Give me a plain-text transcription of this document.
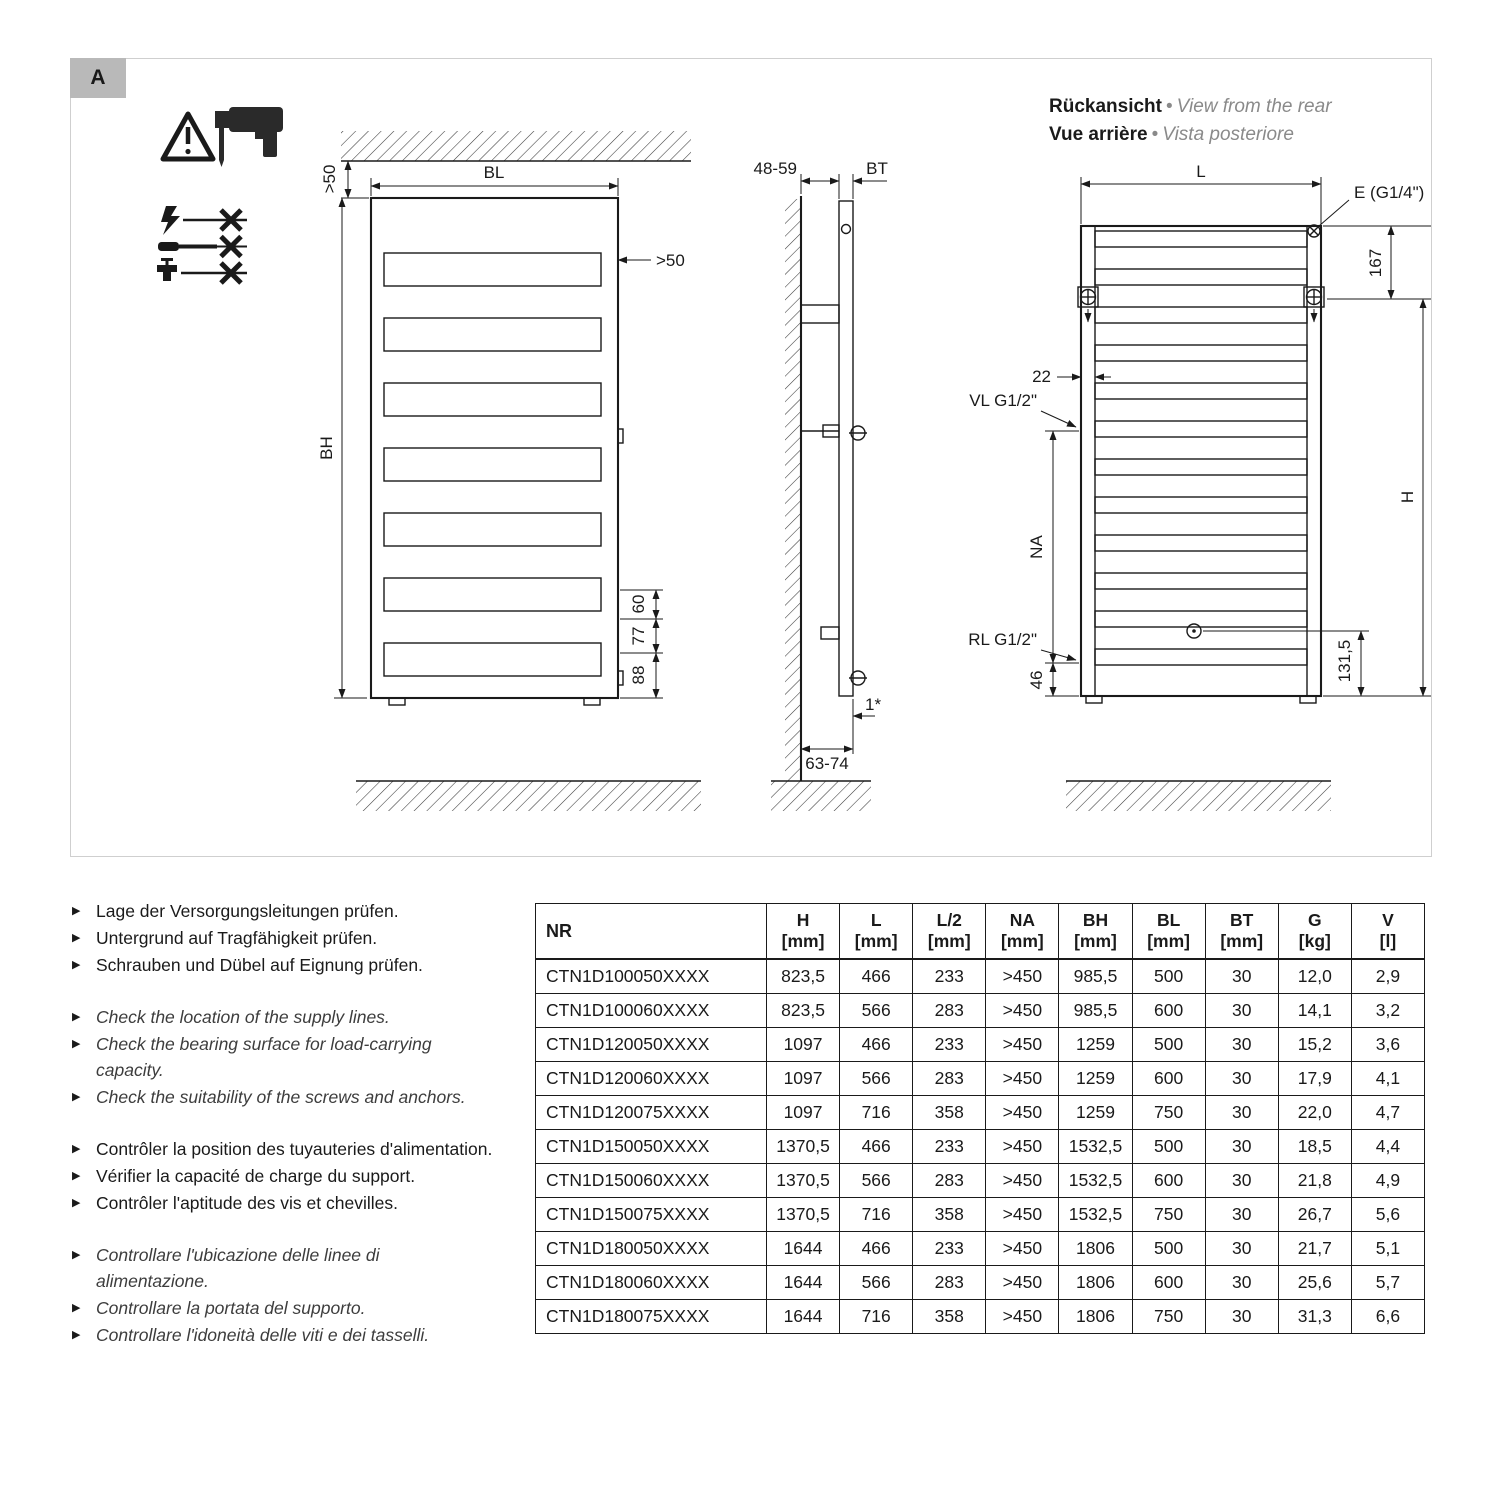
A
Rückansicht • View from the rear
Vue arrière • Vista posteriore
BL
>50
>50
BH
60
77
88
48-59	BT
1*
63-74
E (G1/4")
L
167
H
131,5
22
VL G1/2"
NA
RL G1/2"
46
▶ Lage der Versorgungsleitungen prüfen.
▶ Untergrund auf Tragfähigkeit prüfen.
▶ Schrauben und Dübel auf Eignung prüfen.
▶ Check the location of the supply lines.
▶ Check the bearing surface for load-carrying capacity.
▶ Check the suitability of the screws and anchors.
▶ Contrôler la position des tuyauteries d'alimentation.
▶ Vérifier la capacité de charge du support.
▶ Contrôler l'aptitude des vis et chevilles.
▶ Controllare l'ubicazione delle linee di alimentazione.
▶ Controllare la portata del supporto.
▶ Controllare l'idoneità delle viti e dei tasselli.
NR

H
[mm]

L
[mm]

L/2
[mm]

NA
[mm]

BH
[mm]

BL
[mm]

BT
[mm]

G
[kg]

V
[l]

CTN1D100050XXXX	823,5	466	233	>450	985,5	500	30	12,0	2,9
CTN1D100060XXXX	823,5	566	283	>450	985,5	600	30	14,1	3,2
CTN1D120050XXXX	1097	466	233	>450	1259	500	30	15,2	3,6
CTN1D120060XXXX	1097	566	283	>450	1259	600	30	17,9	4,1
CTN1D120075XXXX	1097	716	358	>450	1259	750	30	22,0	4,7
CTN1D150050XXXX	1370,5	466	233	>450	1532,5	500	30	18,5	4,4
CTN1D150060XXXX	1370,5	566	283	>450	1532,5	600	30	21,8	4,9
CTN1D150075XXXX	1370,5	716	358	>450	1532,5	750	30	26,7	5,6
CTN1D180050XXXX	1644	466	233	>450	1806	500	30	21,7	5,1
CTN1D180060XXXX	1644	566	283	>450	1806	600	30	25,6	5,7
CTN1D180075XXXX	1644	716	358	>450	1806	750	30	31,3	6,6
